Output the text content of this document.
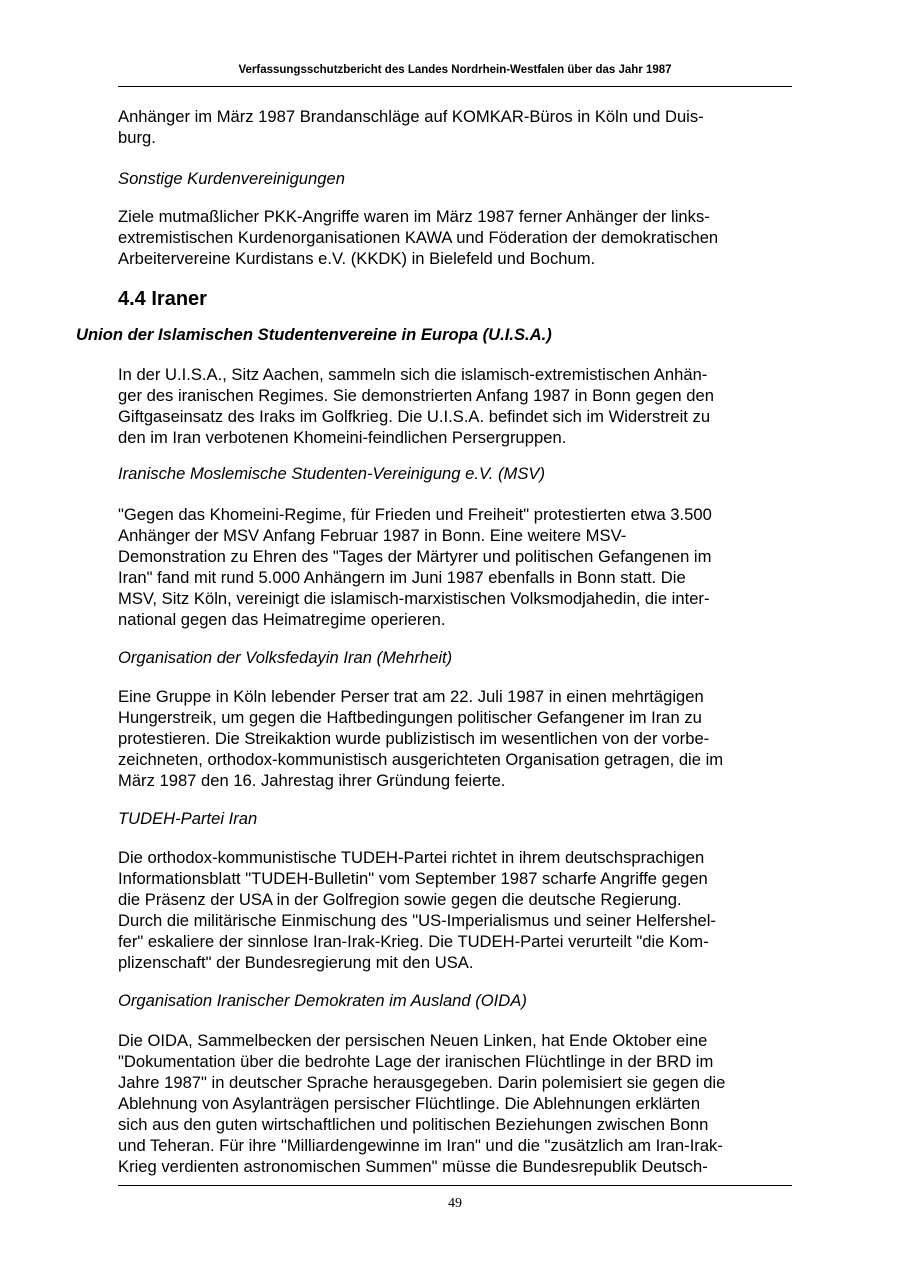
Verfassungsschutzbericht des Landes Nordrhein-Westfalen über das Jahr 1987
Anhänger im März 1987 Brandanschläge auf KOMKAR-Büros in Köln und Duis-
burg.
Sonstige Kurdenvereinigungen
Ziele mutmaßlicher PKK-Angriffe waren im März 1987 ferner Anhänger der links-
extremistischen Kurdenorganisationen KAWA und Föderation der demokratischen
Arbeitervereine Kurdistans e.V. (KKDK) in Bielefeld und Bochum.
4.4 Iraner
Union der Islamischen Studentenvereine in Europa (U.I.S.A.)
In der U.I.S.A., Sitz Aachen, sammeln sich die islamisch-extremistischen Anhän-
ger des iranischen Regimes. Sie demonstrierten Anfang 1987 in Bonn gegen den
Giftgaseinsatz des Iraks im Golfkrieg. Die U.I.S.A. befindet sich im Widerstreit zu
den im Iran verbotenen Khomeini-feindlichen Persergruppen.
Iranische Moslemische Studenten-Vereinigung e.V. (MSV)
"Gegen das Khomeini-Regime, für Frieden und Freiheit" protestierten etwa 3.500
Anhänger der MSV Anfang Februar 1987 in Bonn. Eine weitere MSV-
Demonstration zu Ehren des "Tages der Märtyrer und politischen Gefangenen im
Iran" fand mit rund 5.000 Anhängern im Juni 1987 ebenfalls in Bonn statt. Die
MSV, Sitz Köln, vereinigt die islamisch-marxistischen Volksmodjahedin, die inter-
national gegen das Heimatregime operieren.
Organisation der Volksfedayin Iran (Mehrheit)
Eine Gruppe in Köln lebender Perser trat am 22. Juli 1987 in einen mehrtägigen
Hungerstreik, um gegen die Haftbedingungen politischer Gefangener im Iran zu
protestieren. Die Streikaktion wurde publizistisch im wesentlichen von der vorbe-
zeichneten, orthodox-kommunistisch ausgerichteten Organisation getragen, die im
März 1987 den 16. Jahrestag ihrer Gründung feierte.
TUDEH-Partei Iran
Die orthodox-kommunistische TUDEH-Partei richtet in ihrem deutschsprachigen
Informationsblatt "TUDEH-Bulletin" vom September 1987 scharfe Angriffe gegen
die Präsenz der USA in der Golfregion sowie gegen die deutsche Regierung.
Durch die militärische Einmischung des "US-Imperialismus und seiner Helfershel-
fer" eskaliere der sinnlose Iran-Irak-Krieg. Die TUDEH-Partei verurteilt "die Kom-
plizenschaft" der Bundesregierung mit den USA.
Organisation Iranischer Demokraten im Ausland (OIDA)
Die OIDA, Sammelbecken der persischen Neuen Linken, hat Ende Oktober eine
"Dokumentation über die bedrohte Lage der iranischen Flüchtlinge in der BRD im
Jahre 1987" in deutscher Sprache herausgegeben. Darin polemisiert sie gegen die
Ablehnung von Asylanträgen persischer Flüchtlinge. Die Ablehnungen erklärten
sich aus den guten wirtschaftlichen und politischen Beziehungen zwischen Bonn
und Teheran. Für ihre "Milliardengewinne im Iran" und die "zusätzlich am Iran-Irak-
Krieg verdienten astronomischen Summen" müsse die Bundesrepublik Deutsch-
49
